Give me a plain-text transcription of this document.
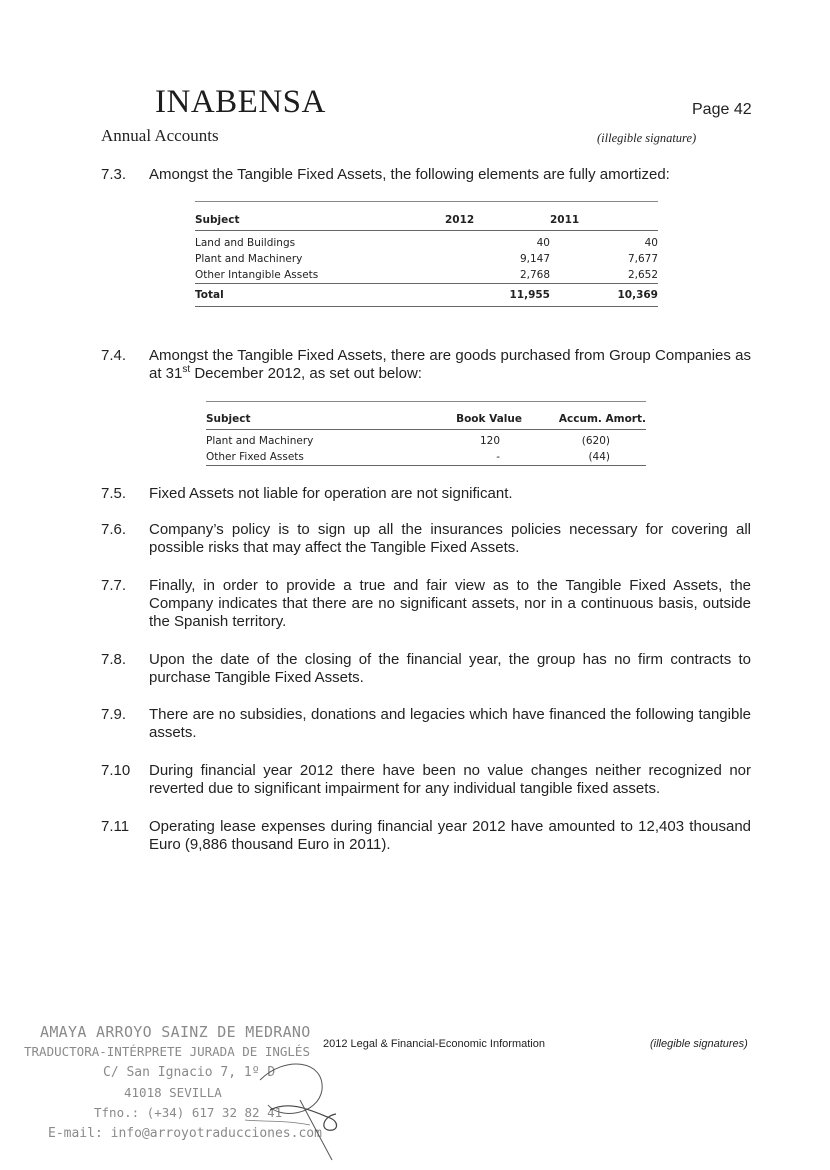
INABENSA
Annual Accounts
Page 42
(illegible signature)
7.3. Amongst the Tangible Fixed Assets, the following elements are fully amortized:
Subject	2012	2011

Land and Buildings	40	40
Plant and Machinery	9,147	7,677
Other Intangible Assets	2,768	2,652
Total	11,955	10,369
7.4. Amongst the Tangible Fixed Assets, there are goods purchased from Group Companies as at 31st December 2012, as set out below:
Subject	Book Value	Accum. Amort.

Plant and Machinery	120	(620)
Other Fixed Assets	-	(44)
7.5. Fixed Assets not liable for operation are not significant.
7.6. Company’s policy is to sign up all the insurances policies necessary for covering all possible risks that may affect the Tangible Fixed Assets.
7.7. Finally, in order to provide a true and fair view as to the Tangible Fixed Assets, the Company indicates that there are no significant assets, nor in a continuous basis, outside the Spanish territory.
7.8. Upon the date of the closing of the financial year, the group has no firm contracts to purchase Tangible Fixed Assets.
7.9. There are no subsidies, donations and legacies which have financed the following tangible assets.
7.10 During financial year 2012 there have been no value changes neither recognized nor reverted due to significant impairment for any individual tangible fixed assets.
7.11 Operating lease expenses during financial year 2012 have amounted to 12,403 thousand Euro (9,886 thousand Euro in 2011).
2012 Legal & Financial-Economic Information	(illegible signatures)
AMAYA ARROYO SAINZ DE MEDRANO
TRADUCTORA-INTÉRPRETE JURADA DE INGLÉS
C/ San Ignacio 7, 1º D
41018 SEVILLA
Tfno.: (+34) 617 32 82 41
E-mail: info@arroyotraducciones.com
